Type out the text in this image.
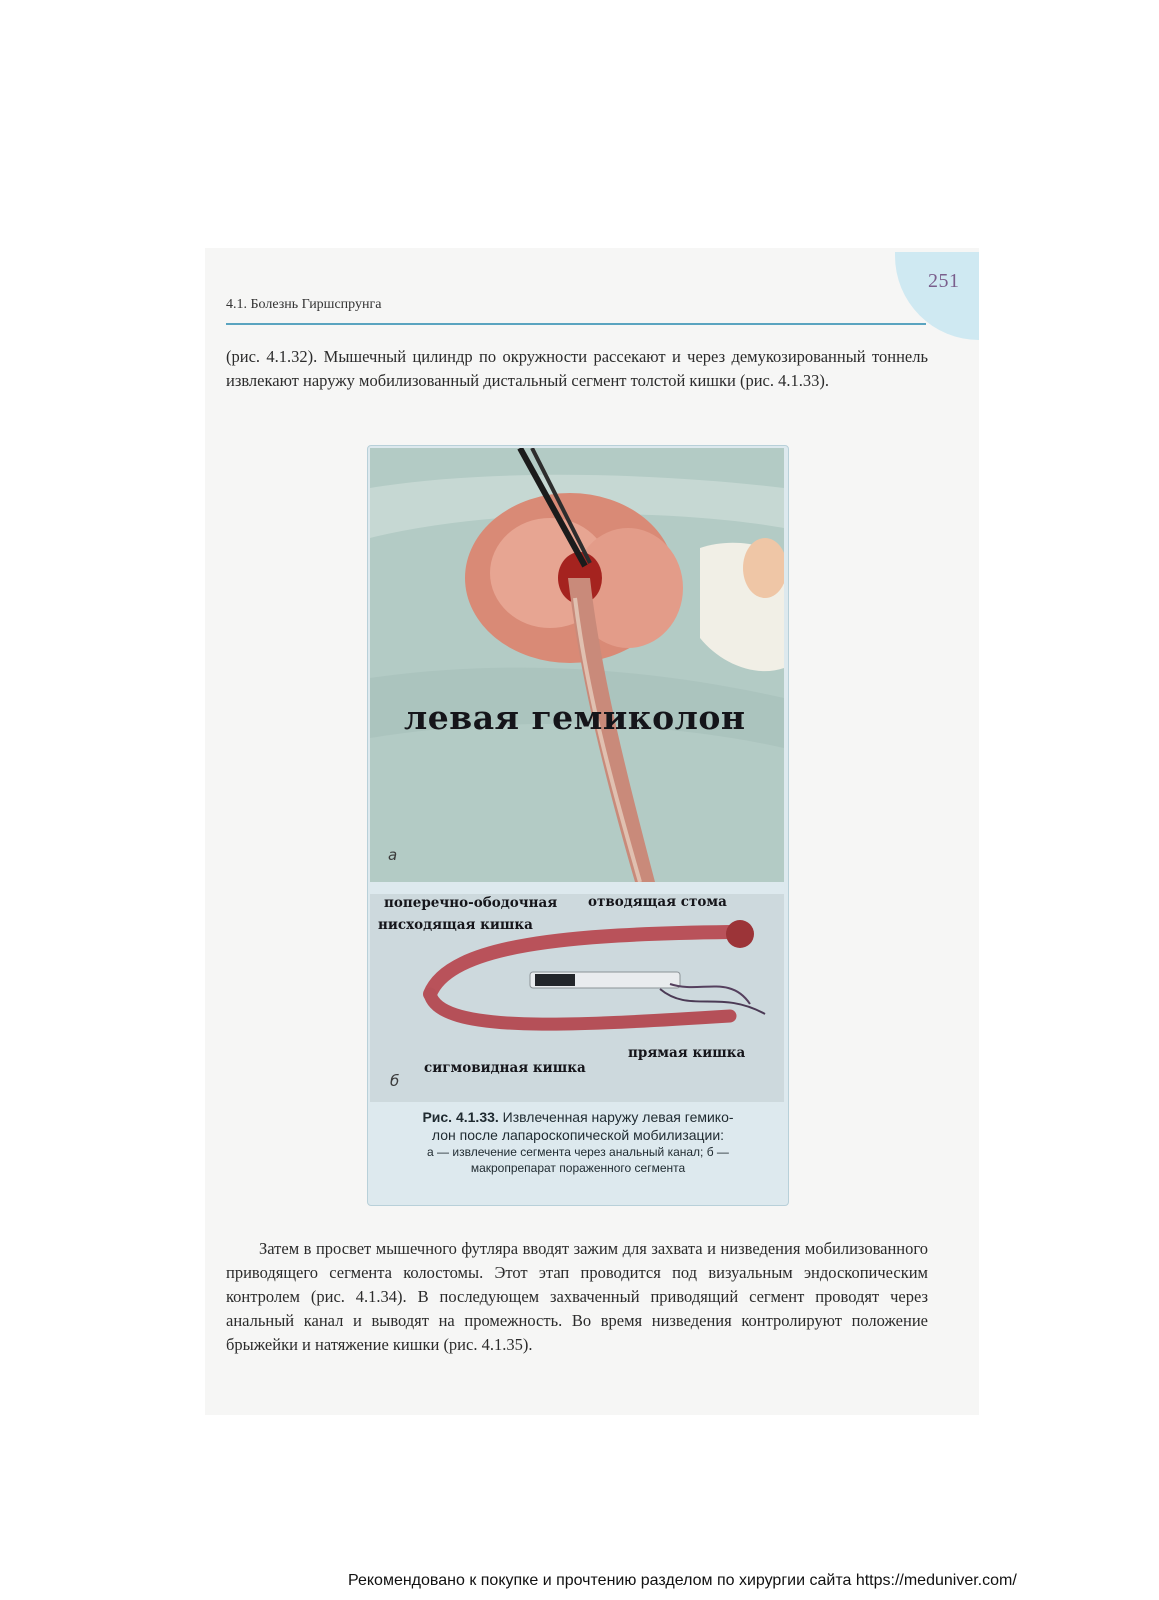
251
4.1. Болезнь Гиршспрунга
(рис. 4.1.32). Мышечный цилиндр по окружности рассекают и через демукозированный тоннель извлекают наружу мобилизованный дистальный сегмент толстой кишки (рис. 4.1.33).
левая гемиколон
а
поперечно-ободочная отводящая стома
нисходящая кишка
прямая кишка
сигмовидная кишка
б
Рис. 4.1.33. Извлеченная наружу левая гемико-
лон после лапароскопической мобилизации:
а — извлечение сегмента через анальный канал; б —
макропрепарат пораженного сегмента
Затем в просвет мышечного футляра вводят зажим для захвата и низведения мобилизованного приводящего сегмента колостомы. Этот этап проводится под визуальным эндоскопическим контролем (рис. 4.1.34). В последующем захваченный приводящий сегмент проводят через анальный канал и выводят на промежность. Во время низведения контролируют положение брыжейки и натяжение кишки (рис. 4.1.35).
Рекомендовано к покупке и прочтению разделом по хирургии сайта https://meduniver.com/
